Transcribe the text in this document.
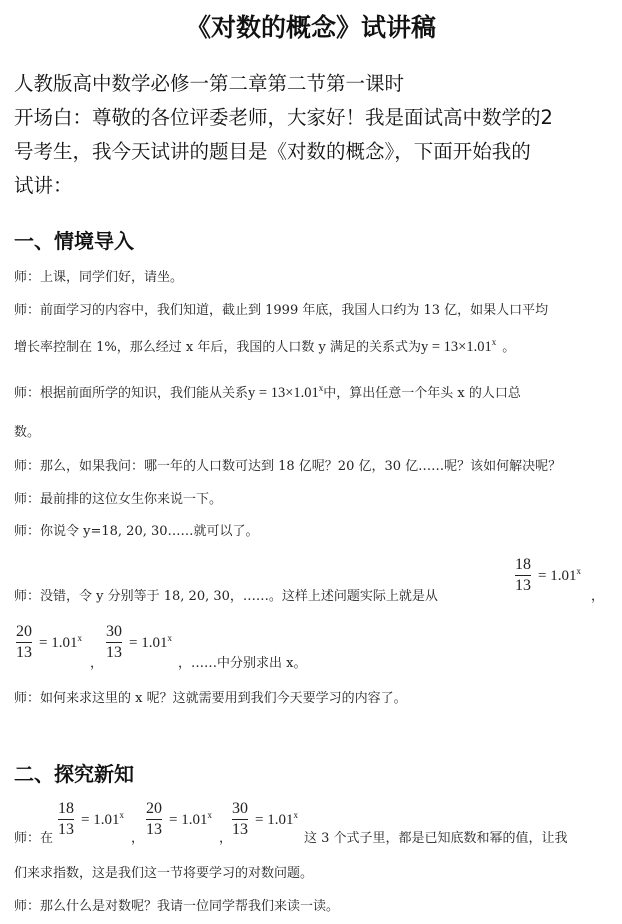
《对数的概念》试讲稿
人教版高中数学必修一第二章第二节第一课时
开场白：尊敬的各位评委老师，大家好！我是面试高中数学的2
号考生，我今天试讲的题目是《对数的概念》，下面开始我的
试讲：
一、情境导入
师：上课，同学们好，请坐。
师：前面学习的内容中，我们知道，截止到 1999 年底，我国人口约为 13 亿，如果人口平均
增长率控制在 1%，那么经过 x 年后，我国的人口数 y 满足的关系式为$y = 13\times 1.01^x$ 。
师：根据前面所学的知识，我们能从关系$y = 13\times 1.01^x$中，算出任意一个年头 x 的人口总
数。
师：那么，如果我问：哪一年的人口数可达到 18 亿呢？20 亿，30 亿……呢？该如何解决呢？
师：最前排的这位女生你来说一下。
师：你说令 y=18, 20, 30……就可以了。
师：没错，令 y 分别等于 18, 20, 30，……。这样上述问题实际上就是从
18
13
= $1.01^x$
，
20
13
= $1.01^x$
，
30
13
= $1.01^x$
，……中分别求出 x。
师：如何来求这里的 x 呢？这就需要用到我们今天要学习的内容了。
二、探究新知
师：在
18
13
= $1.01^x$
，
20
13
= $1.01^x$
，
30
13
= $1.01^x$
这 3 个式子里，都是已知底数和幂的值，让我
们来求指数，这是我们这一节将要学习的对数问题。
师：那么什么是对数呢？我请一位同学帮我们来读一读。
